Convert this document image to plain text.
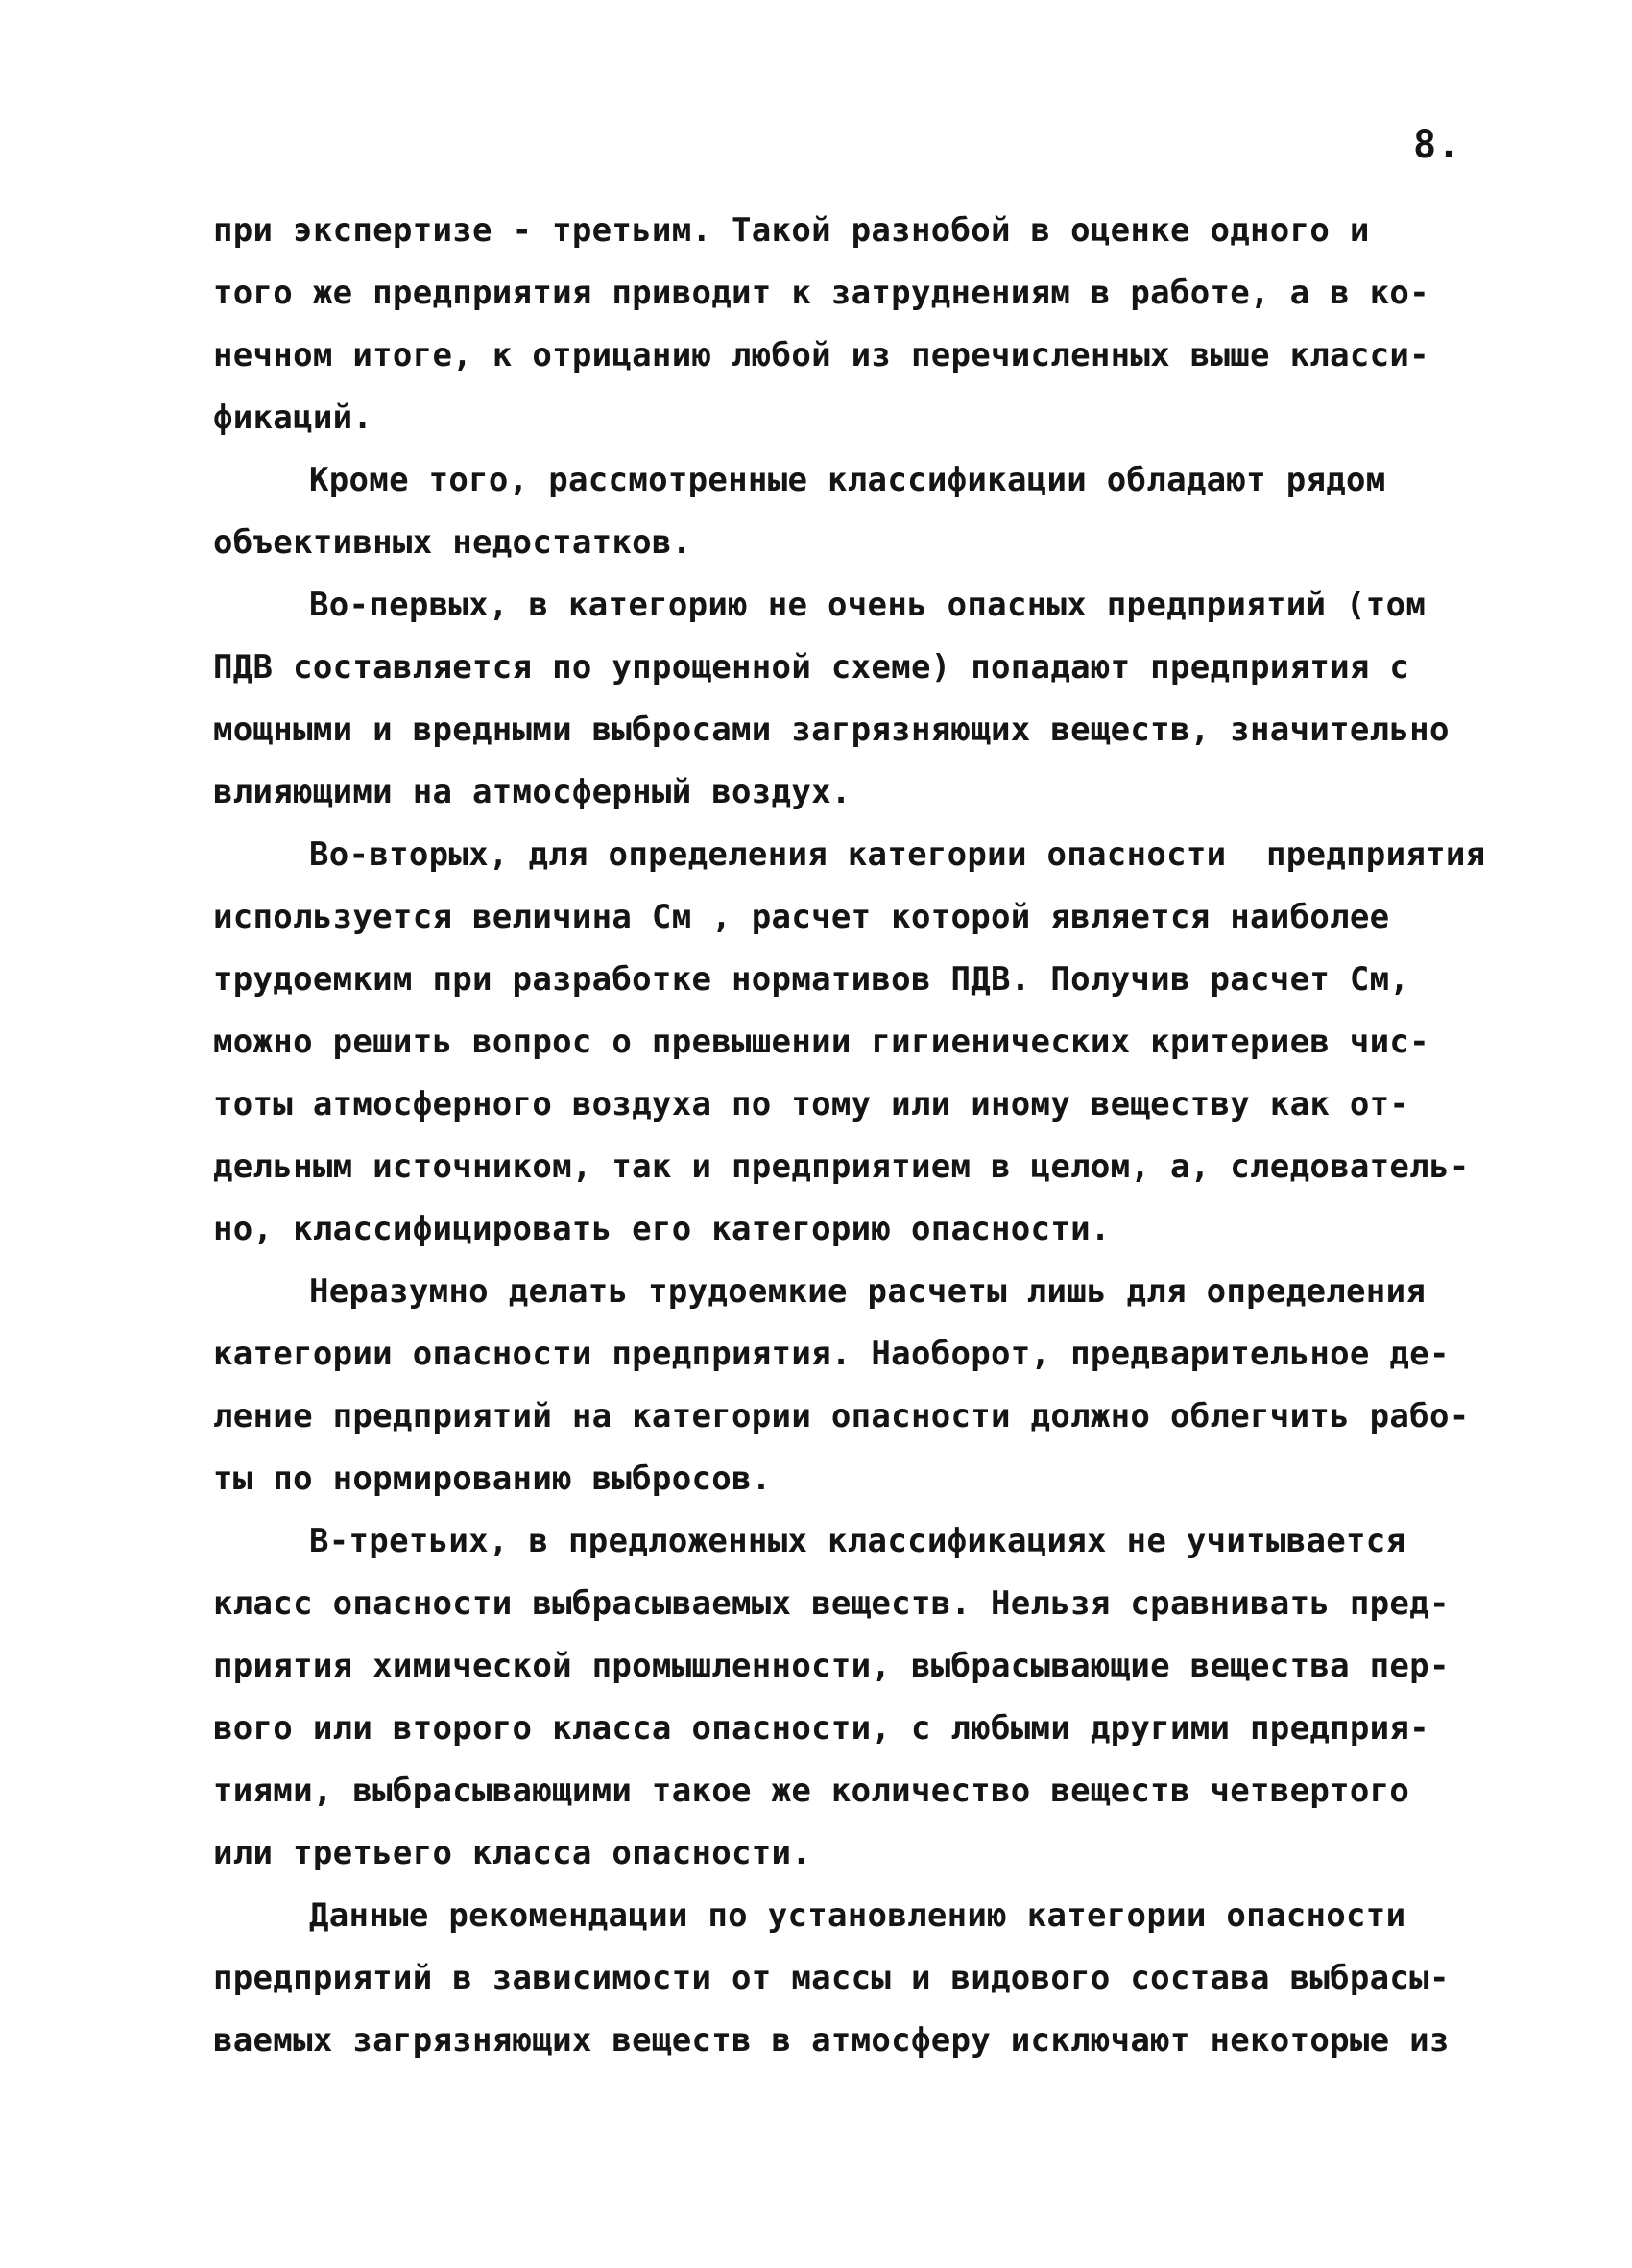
8.
при экспертизе - третьим. Такой разнобой в оценке одного и
того же предприятия приводит к затруднениям в работе, а в ко-
нечном итоге, к отрицанию любой из перечисленных выше класси-
фикаций.
Кроме того, рассмотренные классификации обладают рядом
объективных недостатков.
Во-первых, в категорию не очень опасных предприятий (том
ПДВ составляется по упрощенной схеме) попадают предприятия с
мощными и вредными выбросами загрязняющих веществ, значительно
влияющими на атмосферный воздух.
Во-вторых, для определения категории опасности  предприятия
используется величина См , расчет которой является наиболее
трудоемким при разработке нормативов ПДВ. Получив расчет См,
можно решить вопрос о превышении гигиенических критериев чис-
тоты атмосферного воздуха по тому или иному веществу как от-
дельным источником, так и предприятием в целом, а, следователь-
но, классифицировать его категорию опасности.
Неразумно делать трудоемкие расчеты лишь для определения
категории опасности предприятия. Наоборот, предварительное де-
ление предприятий на категории опасности должно облегчить рабо-
ты по нормированию выбросов.
В-третьих, в предложенных классификациях не учитывается
класс опасности выбрасываемых веществ. Нельзя сравнивать пред-
приятия химической промышленности, выбрасывающие вещества пер-
вого или второго класса опасности, с любыми другими предприя-
тиями, выбрасывающими такое же количество веществ четвертого
или третьего класса опасности.
Данные рекомендации по установлению категории опасности
предприятий в зависимости от массы и видового состава выбрасы-
ваемых загрязняющих веществ в атмосферу исключают некоторые из
